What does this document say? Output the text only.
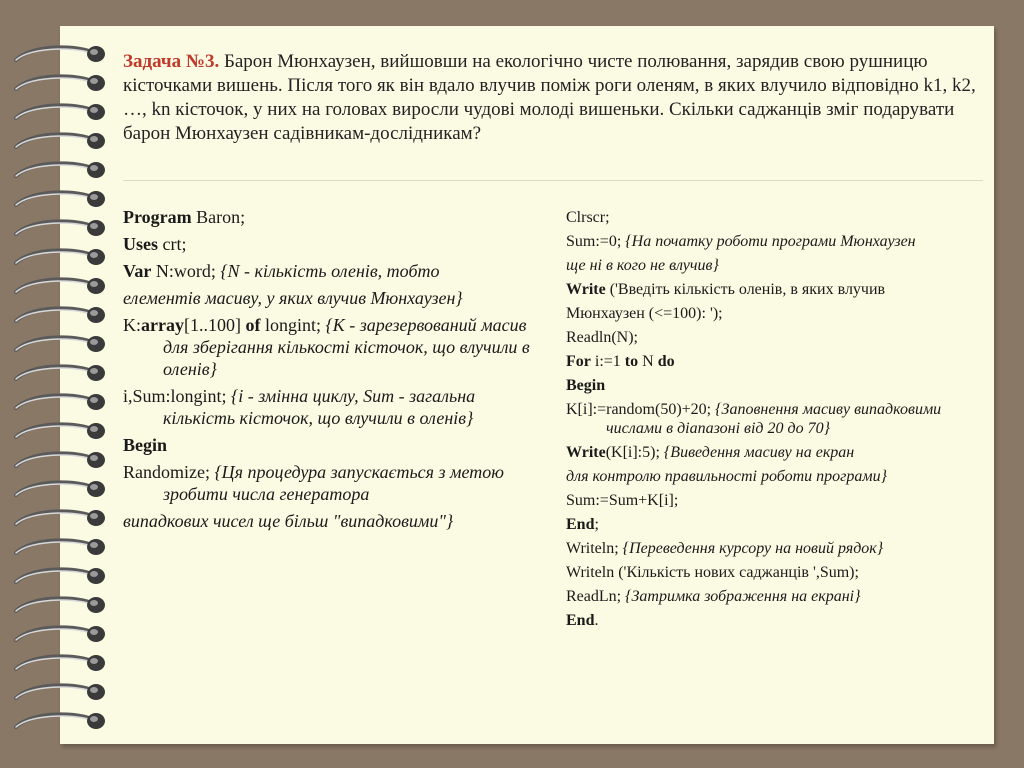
Задача №3. Барон Мюнхаузен, вийшовши на екологічно чисте полювання, зарядив свою рушницю кісточками вишень. Після того як він вдало влучив поміж роги оленям, в яких влучило відповідно k1, k2, …, kn кісточок, у них на головах виросли чудові молоді вишеньки. Скільки саджанців зміг подарувати барон Мюнхаузен садівникам-дослідникам?

Program Baron;

Uses crt;

Var N:word; {N - кількість оленів, тобто

елементів масиву, у яких влучив Мюнхаузен}

K:array[1..100] of longint; {K - зарезервований масив для зберігання кількості кісточок, що влучили в оленів}

i,Sum:longint; {i - змінна циклу, Sum - загальна кількість кісточок, що влучили в оленів}

Begin

Randomize; {Ця процедура запускається з метою зробити числа генератора

випадкових чисел ще більш "випадковими"}

Clrscr;

Sum:=0; {На початку роботи програми Мюнхаузен

ще ні в кого не влучив}

Write ('Введіть кількість оленів, в яких влучив

Мюнхаузен (<=100): ');

Readln(N);

For i:=1 to N do

Begin

K[i]:=random(50)+20; {Заповнення масиву випадковими числами в діапазоні від 20 до 70}

Write(K[i]:5); {Виведення масиву на екран

для контролю правильності роботи програми}

Sum:=Sum+K[i];

End;

Writeln; {Переведення курсору на новий рядок}

Writeln ('Кількість нових саджанців ',Sum);

ReadLn; {Затримка зображення на екрані}

End.
